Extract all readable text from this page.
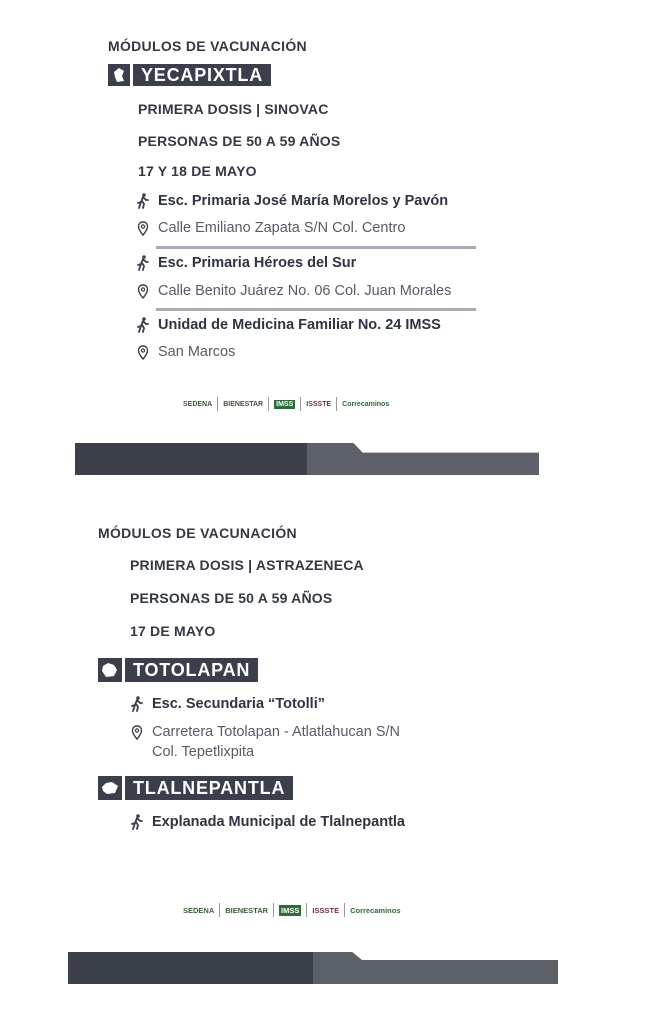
MÓDULOS DE VACUNACIÓN
YECAPIXTLA
PRIMERA DOSIS | SINOVAC
PERSONAS DE 50 A 59 AÑOS
17 Y 18 DE MAYO
Esc. Primaria José María Morelos y Pavón
Calle Emiliano Zapata S/N Col. Centro
Esc. Primaria Héroes del Sur
Calle Benito Juárez No. 06 Col. Juan Morales
Unidad de Medicina Familiar No. 24 IMSS
San Marcos
SEDENA BIENESTAR IMSS ISSSTE Correcaminos
MÓDULOS DE VACUNACIÓN
PRIMERA DOSIS | ASTRAZENECA
PERSONAS DE 50 A 59 AÑOS
17 DE MAYO
TOTOLAPAN
Esc. Secundaria “Totolli”
Carretera Totolapan - Atlatlahucan S/N
Col. Tepetlixpita
TLALNEPANTLA
Explanada Municipal de Tlalnepantla
SEDENA BIENESTAR IMSS ISSSTE Correcaminos
